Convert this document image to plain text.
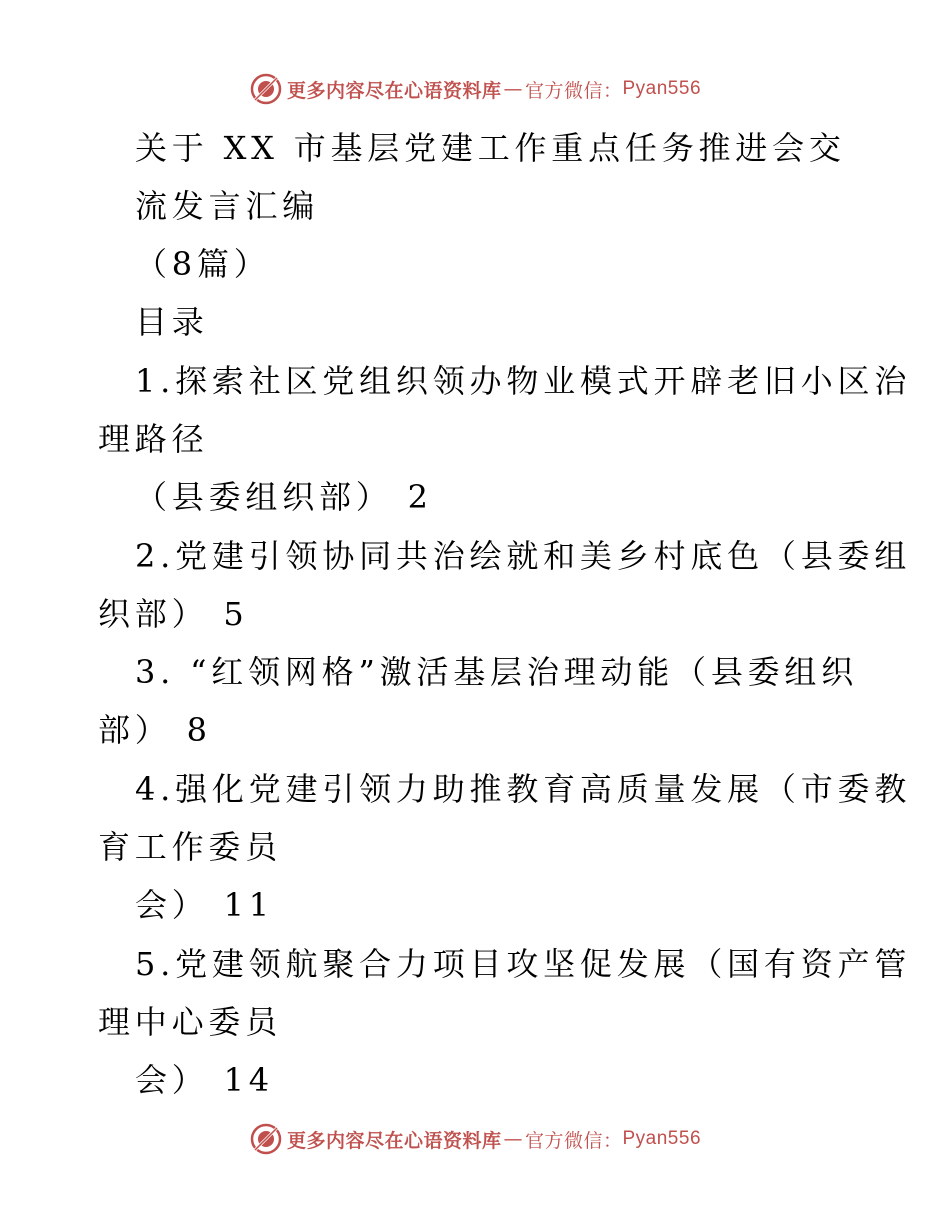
更多内容尽在心语资料库 — 官方微信： Pyan556
关于 XX 市基层党建工作重点任务推进会交
流发言汇编
（8篇）
目录
1.探索社区党组织领办物业模式开辟老旧小区治
理路径
（县委组织部） 2
2.党建引领协同共治绘就和美乡村底色（县委组
织部） 5
3. “红领网格”激活基层治理动能（县委组织
部） 8
4.强化党建引领力助推教育高质量发展（市委教
育工作委员
会） 11
5.党建领航聚合力项目攻坚促发展（国有资产管
理中心委员
会） 14
更多内容尽在心语资料库 — 官方微信： Pyan556
